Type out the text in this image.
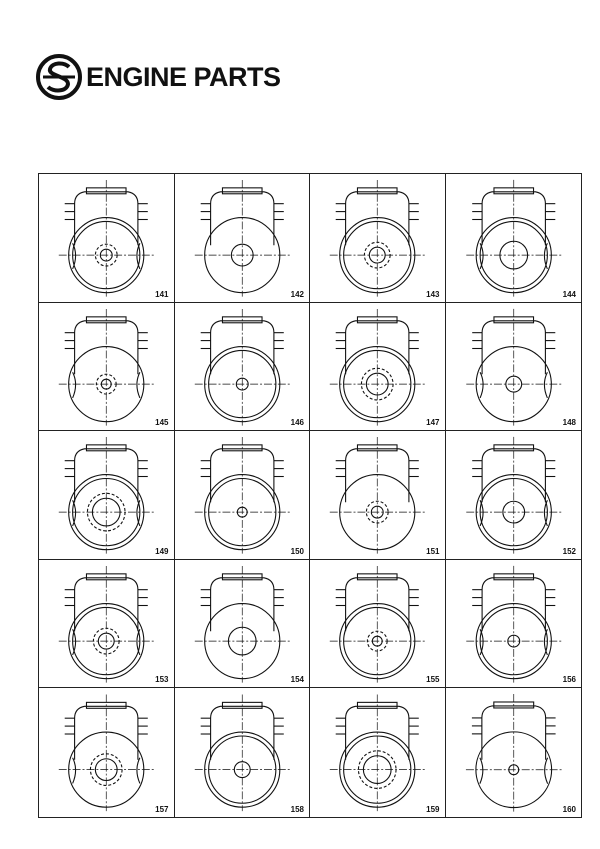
ENGINE PARTS
141	142	143	144
145	146	147	148
149	150	151	152
153	154	155	156
157	158	159	160
